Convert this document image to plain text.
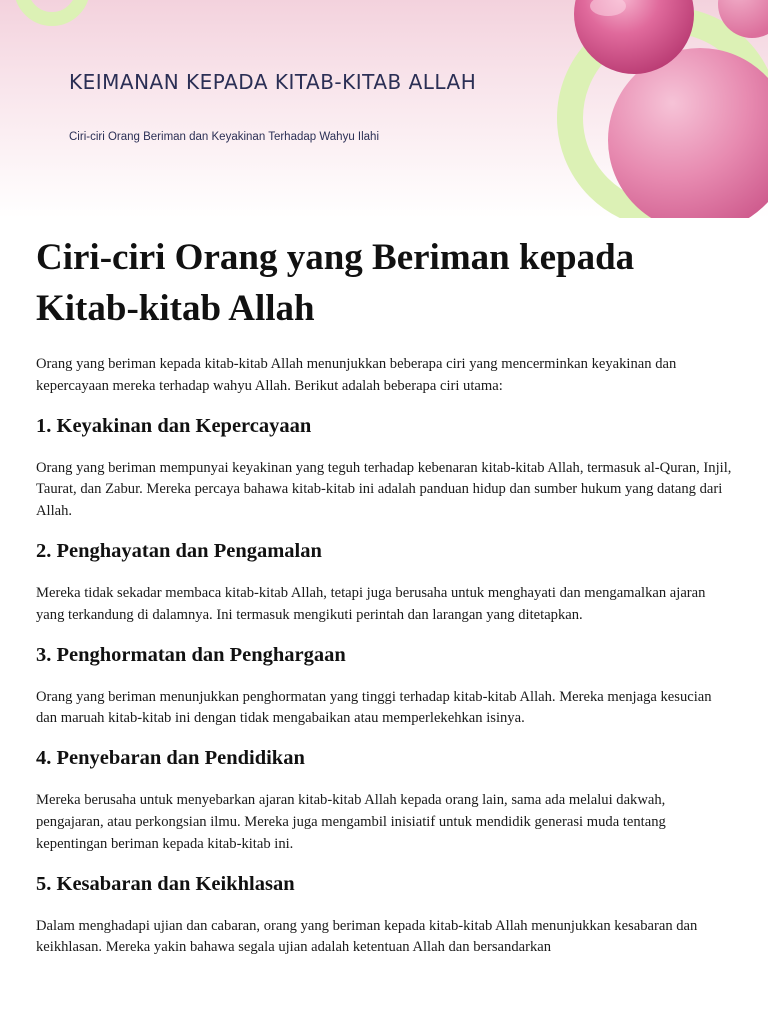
KEIMANAN KEPADA KITAB-KITAB ALLAH

Ciri-ciri Orang Beriman dan Keyakinan Terhadap Wahyu Ilahi

Ciri-ciri Orang yang Beriman kepada Kitab-kitab Allah

Orang yang beriman kepada kitab-kitab Allah menunjukkan beberapa ciri yang mencerminkan keyakinan dan kepercayaan mereka terhadap wahyu Allah. Berikut adalah beberapa ciri utama:

1. Keyakinan dan Kepercayaan

Orang yang beriman mempunyai keyakinan yang teguh terhadap kebenaran kitab-kitab Allah, termasuk al-Quran, Injil, Taurat, dan Zabur. Mereka percaya bahawa kitab-kitab ini adalah panduan hidup dan sumber hukum yang datang dari Allah.

2. Penghayatan dan Pengamalan

Mereka tidak sekadar membaca kitab-kitab Allah, tetapi juga berusaha untuk menghayati dan mengamalkan ajaran yang terkandung di dalamnya. Ini termasuk mengikuti perintah dan larangan yang ditetapkan.

3. Penghormatan dan Penghargaan

Orang yang beriman menunjukkan penghormatan yang tinggi terhadap kitab-kitab Allah. Mereka menjaga kesucian dan maruah kitab-kitab ini dengan tidak mengabaikan atau memperlekehkan isinya.

4. Penyebaran dan Pendidikan

Mereka berusaha untuk menyebarkan ajaran kitab-kitab Allah kepada orang lain, sama ada melalui dakwah, pengajaran, atau perkongsian ilmu. Mereka juga mengambil inisiatif untuk mendidik generasi muda tentang kepentingan beriman kepada kitab-kitab ini.

5. Kesabaran dan Keikhlasan

Dalam menghadapi ujian dan cabaran, orang yang beriman kepada kitab-kitab Allah menunjukkan kesabaran dan keikhlasan. Mereka yakin bahawa segala ujian adalah ketentuan Allah dan bersandarkan
